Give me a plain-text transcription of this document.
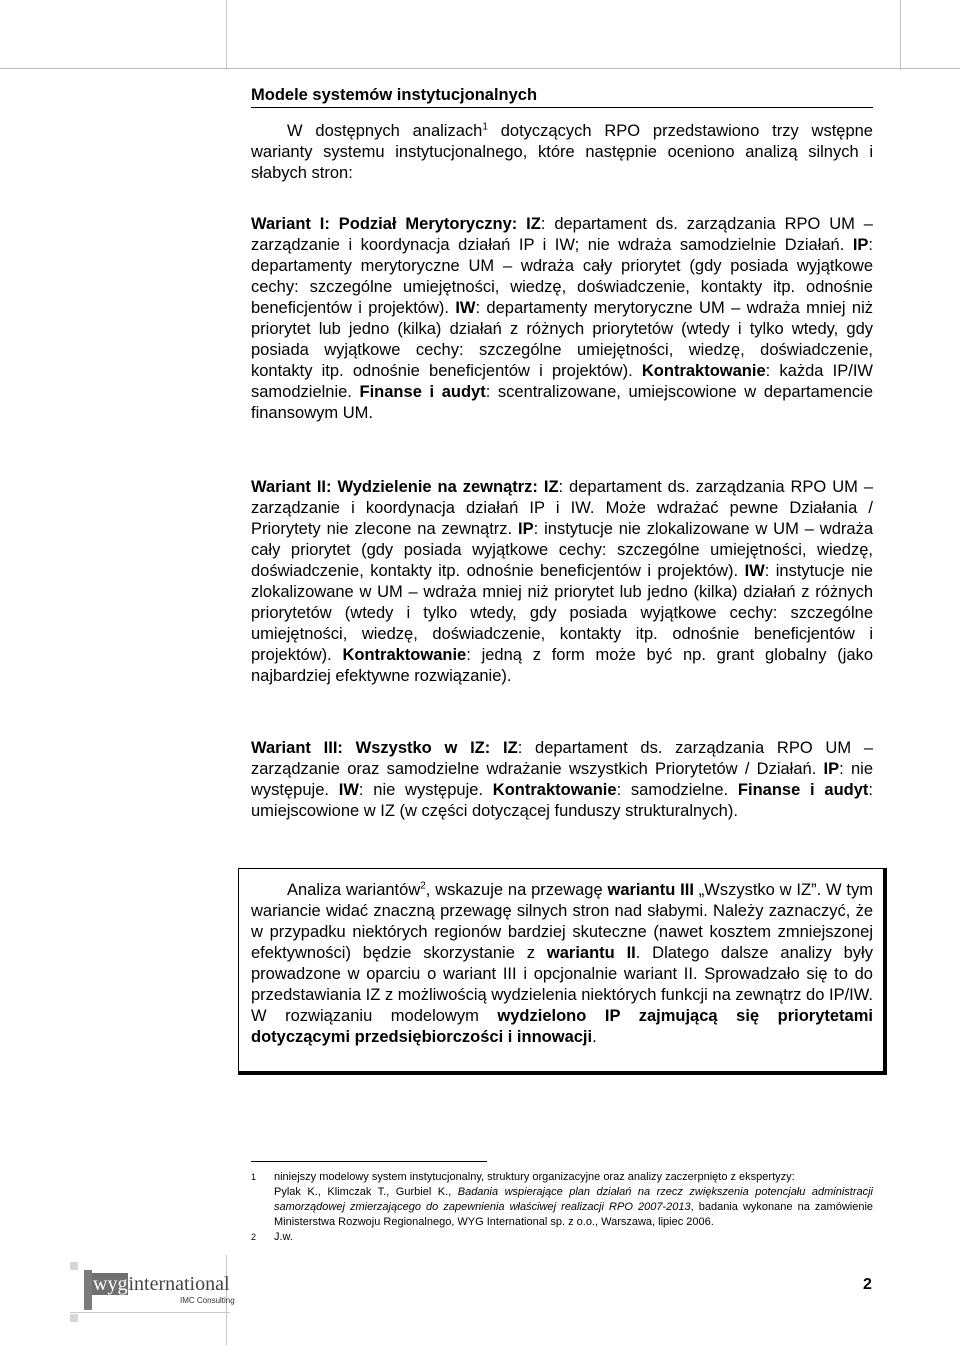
Modele systemów instytucjonalnych

W dostępnych analizach$^1$ dotyczących RPO przedstawiono trzy wstępne warianty systemu instytucjonalnego, które następnie oceniono analizą silnych i słabych stron:

Wariant I: Podział Merytoryczny: IZ: departament ds. zarządzania RPO UM – zarządzanie i koordynacja działań IP i IW; nie wdraża samodzielnie Działań. IP: departamenty merytoryczne UM – wdraża cały priorytet (gdy posiada wyjątkowe cechy: szczególne umiejętności, wiedzę, doświadczenie, kontakty itp. odnośnie beneficjentów i projektów). IW: departamenty merytoryczne UM – wdraża mniej niż priorytet lub jedno (kilka) działań z różnych priorytetów (wtedy i tylko wtedy, gdy posiada wyjątkowe cechy: szczególne umiejętności, wiedzę, doświadczenie, kontakty itp. odnośnie beneficjentów i projektów). Kontraktowanie: każda IP/IW samodzielnie. Finanse i audyt: scentralizowane, umiejscowione w departamencie finansowym UM.

Wariant II: Wydzielenie na zewnątrz: IZ: departament ds. zarządzania RPO UM – zarządzanie i koordynacja działań IP i IW. Może wdrażać pewne Działania / Priorytety nie zlecone na zewnątrz. IP: instytucje nie zlokalizowane w UM – wdraża cały priorytet (gdy posiada wyjątkowe cechy: szczególne umiejętności, wiedzę, doświadczenie, kontakty itp. odnośnie beneficjentów i projektów). IW: instytucje nie zlokalizowane w UM – wdraża mniej niż priorytet lub jedno (kilka) działań z różnych priorytetów (wtedy i tylko wtedy, gdy posiada wyjątkowe cechy: szczególne umiejętności, wiedzę, doświadczenie, kontakty itp. odnośnie beneficjentów i projektów). Kontraktowanie: jedną z form może być np. grant globalny (jako najbardziej efektywne rozwiązanie).

Wariant III: Wszystko w IZ: IZ: departament ds. zarządzania RPO UM – zarządzanie oraz samodzielne wdrażanie wszystkich Priorytetów / Działań. IP: nie występuje. IW: nie występuje. Kontraktowanie: samodzielne. Finanse i audyt: umiejscowione w IZ (w części dotyczącej funduszy strukturalnych).

Analiza wariantów$^2$, wskazuje na przewagę wariantu III „Wszystko w IZ”. W tym wariancie widać znaczną przewagę silnych stron nad słabymi. Należy zaznaczyć, że w przypadku niektórych regionów bardziej skuteczne (nawet kosztem zmniejszonej efektywności) będzie skorzystanie z wariantu II. Dlatego dalsze analizy były prowadzone w oparciu o wariant III i opcjonalnie wariant II. Sprowadzało się to do przedstawiania IZ z możliwością wydzielenia niektórych funkcji na zewnątrz do IP/IW. W rozwiązaniu modelowym wydzielono IP zajmującą się priorytetami dotyczącymi przedsiębiorczości i innowacji.

1 niniejszy modelowy system instytucjonalny, struktury organizacyjne oraz analizy zaczerpnięto z ekspertyzy:
Pylak K., Klimczak T., Gurbiel K., Badania wspierające plan działań na rzecz zwiększenia potencjału administracji samorządowej zmierzającego do zapewnienia właściwej realizacji RPO 2007-2013, badania wykonane na zamówienie Ministerstwa Rozwoju Regionalnego, WYG International sp. z o.o., Warszawa, lipiec 2006.
2 J.w.
wyginternational
IMC Consulting
2
